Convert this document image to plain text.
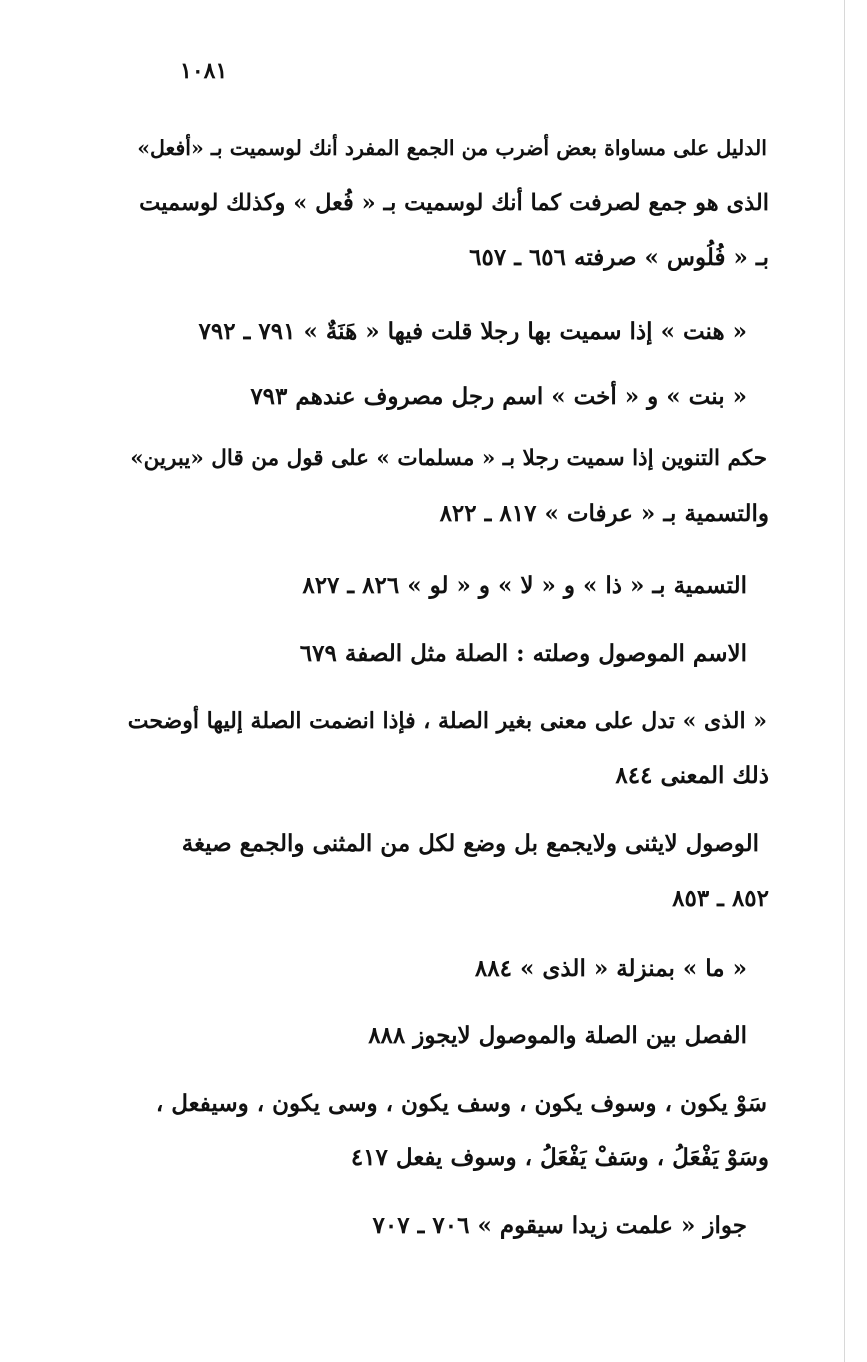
١٠٨١
الدليل على مساواة بعض أضرب من الجمع المفرد أنك لوسميت بـ «أفعل»
الذى هو جمع لصرفت كما أنك لوسميت بـ « فُعل » وكذلك لوسميت
بـ « فُلُوس » صرفته ٦٥٦ ـ ٦٥٧
« هنت » إذا سميت بها رجلا قلت فيها « هَنَةٌ » ٧٩١ ـ ٧٩٢
« بنت » و « أخت » اسم رجل مصروف عندهم ٧٩٣
حكم التنوين إذا سميت رجلا بـ « مسلمات » على قول من قال «يبرين»
والتسمية بـ « عرفات » ٨١٧ ـ ٨٢٢
التسمية بـ « ذا » و « لا » و « لو » ٨٢٦ ـ ٨٢٧
الاسم الموصول وصلته : الصلة مثل الصفة ٦٧٩
« الذى » تدل على معنى بغير الصلة ، فإذا انضمت الصلة إليها أوضحت
ذلك المعنى ٨٤٤
الوصول لايثنى ولايجمع بل وضع لكل من المثنى والجمع صيغة
٨٥٢ ـ ٨٥٣
« ما » بمنزلة « الذى » ٨٨٤
الفصل بين الصلة والموصول لايجوز ٨٨٨
سَوْ يكون ، وسوف يكون ، وسف يكون ، وسى يكون ، وسيفعل ،
وسَوْ يَفْعَلُ ، وسَفْ يَفْعَلُ ، وسوف يفعل ٤١٧
جواز « علمت زيدا سيقوم » ٧٠٦ ـ ٧٠٧
